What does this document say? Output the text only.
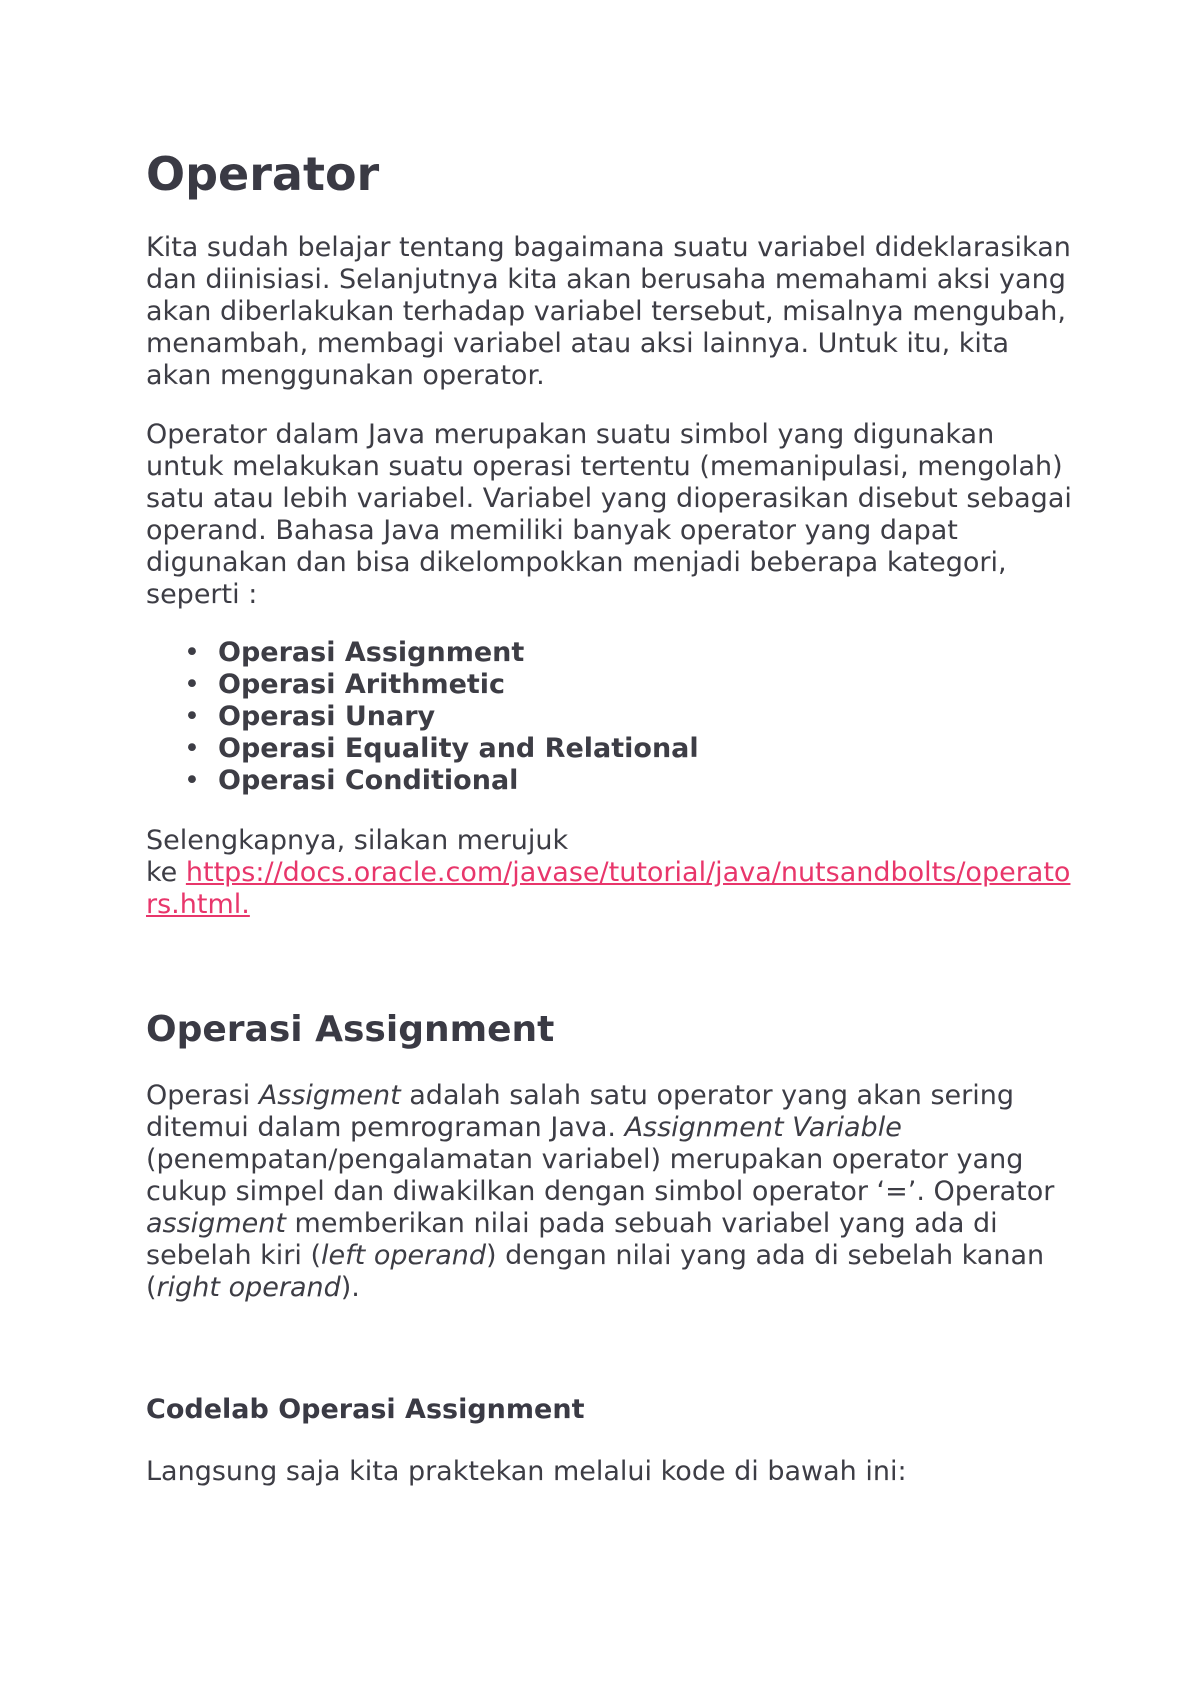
Operator

Kita sudah belajar tentang bagaimana suatu variabel dideklarasikan dan diinisiasi. Selanjutnya kita akan berusaha memahami aksi yang akan diberlakukan terhadap variabel tersebut, misalnya mengubah, menambah, membagi variabel atau aksi lainnya. Untuk itu, kita akan menggunakan operator.

Operator dalam Java merupakan suatu simbol yang digunakan untuk melakukan suatu operasi tertentu (memanipulasi, mengolah) satu atau lebih variabel. Variabel yang dioperasikan disebut sebagai operand. Bahasa Java memiliki banyak operator yang dapat digunakan dan bisa dikelompokkan menjadi beberapa kategori, seperti :

• Operasi Assignment
• Operasi Arithmetic
• Operasi Unary
• Operasi Equality and Relational
• Operasi Conditional

Selengkapnya, silakan merujuk
ke https://docs.oracle.com/javase/tutorial/java/nutsandbolts/operators.html.

Operasi Assignment

Operasi Assigment adalah salah satu operator yang akan sering ditemui dalam pemrograman Java. Assignment Variable (penempatan/pengalamatan variabel) merupakan operator yang cukup simpel dan diwakilkan dengan simbol operator ‘=’. Operator assigment memberikan nilai pada sebuah variabel yang ada di sebelah kiri (left operand) dengan nilai yang ada di sebelah kanan (right operand).

Codelab Operasi Assignment

Langsung saja kita praktekan melalui kode di bawah ini:
